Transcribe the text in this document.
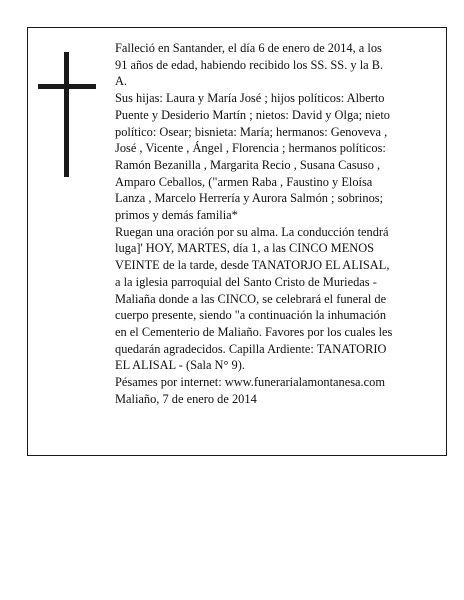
Falleció en Santander, el día 6 de enero de 2014, a los

91 años de edad, habiendo recibido los SS. SS. y la B.

A.

Sus hijas: Laura y María José ; hijos políticos: Alberto

Puente y Desiderio Martín ; nietos: David y Olga; nieto

político: Osear; bisnieta: María; hermanos: Genoveva ,

José , Vicente , Ángel , Florencia ; hermanos políticos:

Ramón Bezanilla , Margarita Recio , Susana Casuso ,

Amparo Ceballos, ("armen Raba , Faustino y Eloísa

Lanza , Marcelo Herrería y Aurora Salmón ; sobrinos;

primos y demás familia*

Ruegan una oración por su alma. La conducción tendrá

luga]' HOY, MARTES, día 1, a las CINCO MENOS

VEINTE de la tarde, desde TANATORJO EL ALISAL,

a la iglesia parroquial del Santo Cristo de Muriedas -

Maliaña donde a las CINCO, se celebrará el funeral de

cuerpo presente, siendo "a continuación la inhumación

en el Cementerio de Maliaño. Favores por los cuales les

quedarán agradecidos. Capilla Ardiente: TANATORIO

EL ALISAL - (Sala N° 9).

Pésames por internet: www.funerarialamontanesa.com

Maliaño, 7 de enero de 2014
